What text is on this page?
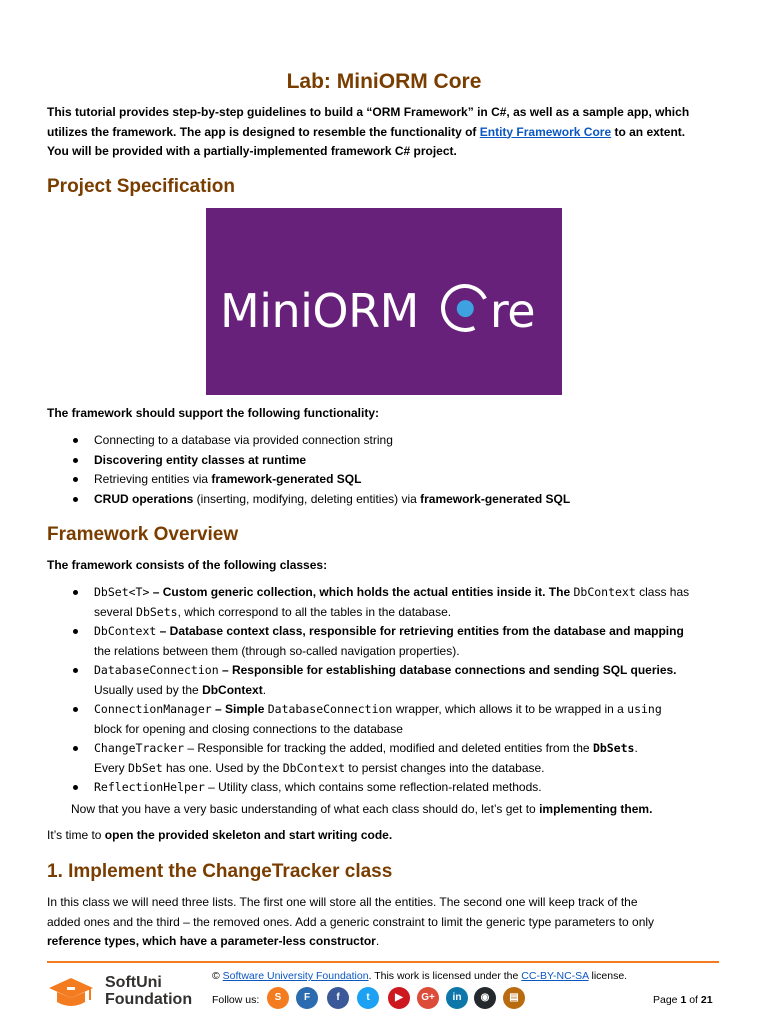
Lab: MiniORM Core
This tutorial provides step-by-step guidelines to build a “ORM Framework” in C#, as well as a sample app, which
utilizes the framework. The app is designed to resemble the functionality of Entity Framework Core to an extent.
You will be provided with a partially-implemented framework C# project.
Project Specification
MiniORM
re
The framework should support the following functionality:
Connecting to a database via provided connection string
Discovering entity classes at runtime
Retrieving entities via framework-generated SQL
CRUD operations (inserting, modifying, deleting entities) via framework-generated SQL
Framework Overview
The framework consists of the following classes:
DbSet<T> – Custom generic collection, which holds the actual entities inside it. The DbContext class has
several DbSets, which correspond to all the tables in the database.
DbContext – Database context class, responsible for retrieving entities from the database and mapping
the relations between them (through so-called navigation properties).
DatabaseConnection – Responsible for establishing database connections and sending SQL queries.
Usually used by the DbContext.
ConnectionManager – Simple DatabaseConnection wrapper, which allows it to be wrapped in a using
block for opening and closing connections to the database
ChangeTracker – Responsible for tracking the added, modified and deleted entities from the DbSets.
Every DbSet has one. Used by the DbContext to persist changes into the database.
ReflectionHelper – Utility class, which contains some reflection-related methods.
Now that you have a very basic understanding of what each class should do, let’s get to implementing them.
It’s time to open the provided skeleton and start writing code.
1. Implement the ChangeTracker class
In this class we will need three lists. The first one will store all the entities. The second one will keep track of the
added ones and the third – the removed ones. Add a generic constraint to limit the generic type parameters to only
reference types, which have a parameter-less constructor.
SoftUni
Foundation
© Software University Foundation. This work is licensed under the CC-BY-NC-SA license.
Follow us:	S	F	f	t	▶	G+	in	◉	▤	Page 1 of 21
